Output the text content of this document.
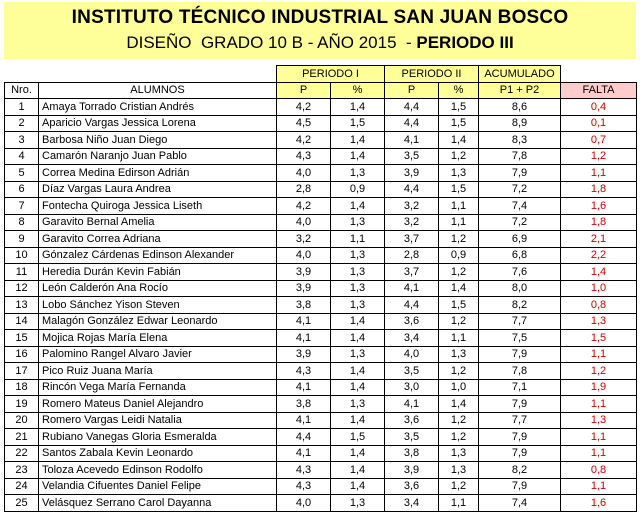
INSTITUTO TÉCNICO INDUSTRIAL SAN JUAN BOSCO
DISEÑO  GRADO 10 B - AÑO 2015  - PERIODO III
		PERIODO I		PERIODO II		ACUMULADO	
Nro.	ALUMNOS	P	%	P	%	P1 + P2	FALTA
1	Amaya Torrado Cristian Andrés	4,2	1,4	4,4	1,5	8,6	0,4
2	Aparicio Vargas Jessica Lorena	4,5	1,5	4,4	1,5	8,9	0,1
3	Barbosa Niño Juan Diego	4,2	1,4	4,1	1,4	8,3	0,7
4	Camarón Naranjo Juan Pablo	4,3	1,4	3,5	1,2	7,8	1,2
5	Correa Medina Edirson Adrián	4,0	1,3	3,9	1,3	7,9	1,1
6	Díaz Vargas Laura Andrea	2,8	0,9	4,4	1,5	7,2	1,8
7	Fontecha Quiroga Jessica Liseth	4,2	1,4	3,2	1,1	7,4	1,6
8	Garavito Bernal Amelia	4,0	1,3	3,2	1,1	7,2	1,8
9	Garavito Correa Adriana	3,2	1,1	3,7	1,2	6,9	2,1
10	Gónzalez Cárdenas Edinson Alexander	4,0	1,3	2,8	0,9	6,8	2,2
11	Heredia Durán Kevin Fabián	3,9	1,3	3,7	1,2	7,6	1,4
12	León Calderón Ana Rocío	3,9	1,3	4,1	1,4	8,0	1,0
13	Lobo Sánchez Yison Steven	3,8	1,3	4,4	1,5	8,2	0,8
14	Malagón González Edwar Leonardo	4,1	1,4	3,6	1,2	7,7	1,3
15	Mojica Rojas María Elena	4,1	1,4	3,4	1,1	7,5	1,5
16	Palomino Rangel Alvaro Javier	3,9	1,3	4,0	1,3	7,9	1,1
17	Pico Ruiz Juana María	4,3	1,4	3,5	1,2	7,8	1,2
18	Rincón Vega María Fernanda	4,1	1,4	3,0	1,0	7,1	1,9
19	Romero Mateus Daniel Alejandro	3,8	1,3	4,1	1,4	7,9	1,1
20	Romero Vargas Leidi Natalia	4,1	1,4	3,6	1,2	7,7	1,3
21	Rubiano Vanegas Gloria Esmeralda	4,4	1,5	3,5	1,2	7,9	1,1
22	Santos Zabala Kevin Leonardo	4,1	1,4	3,8	1,3	7,9	1,1
23	Toloza Acevedo Edinson Rodolfo	4,3	1,4	3,9	1,3	8,2	0,8
24	Velandia Cifuentes Daniel Felipe	4,3	1,4	3,6	1,2	7,9	1,1
25	Velásquez Serrano Carol Dayanna	4,0	1,3	3,4	1,1	7,4	1,6
